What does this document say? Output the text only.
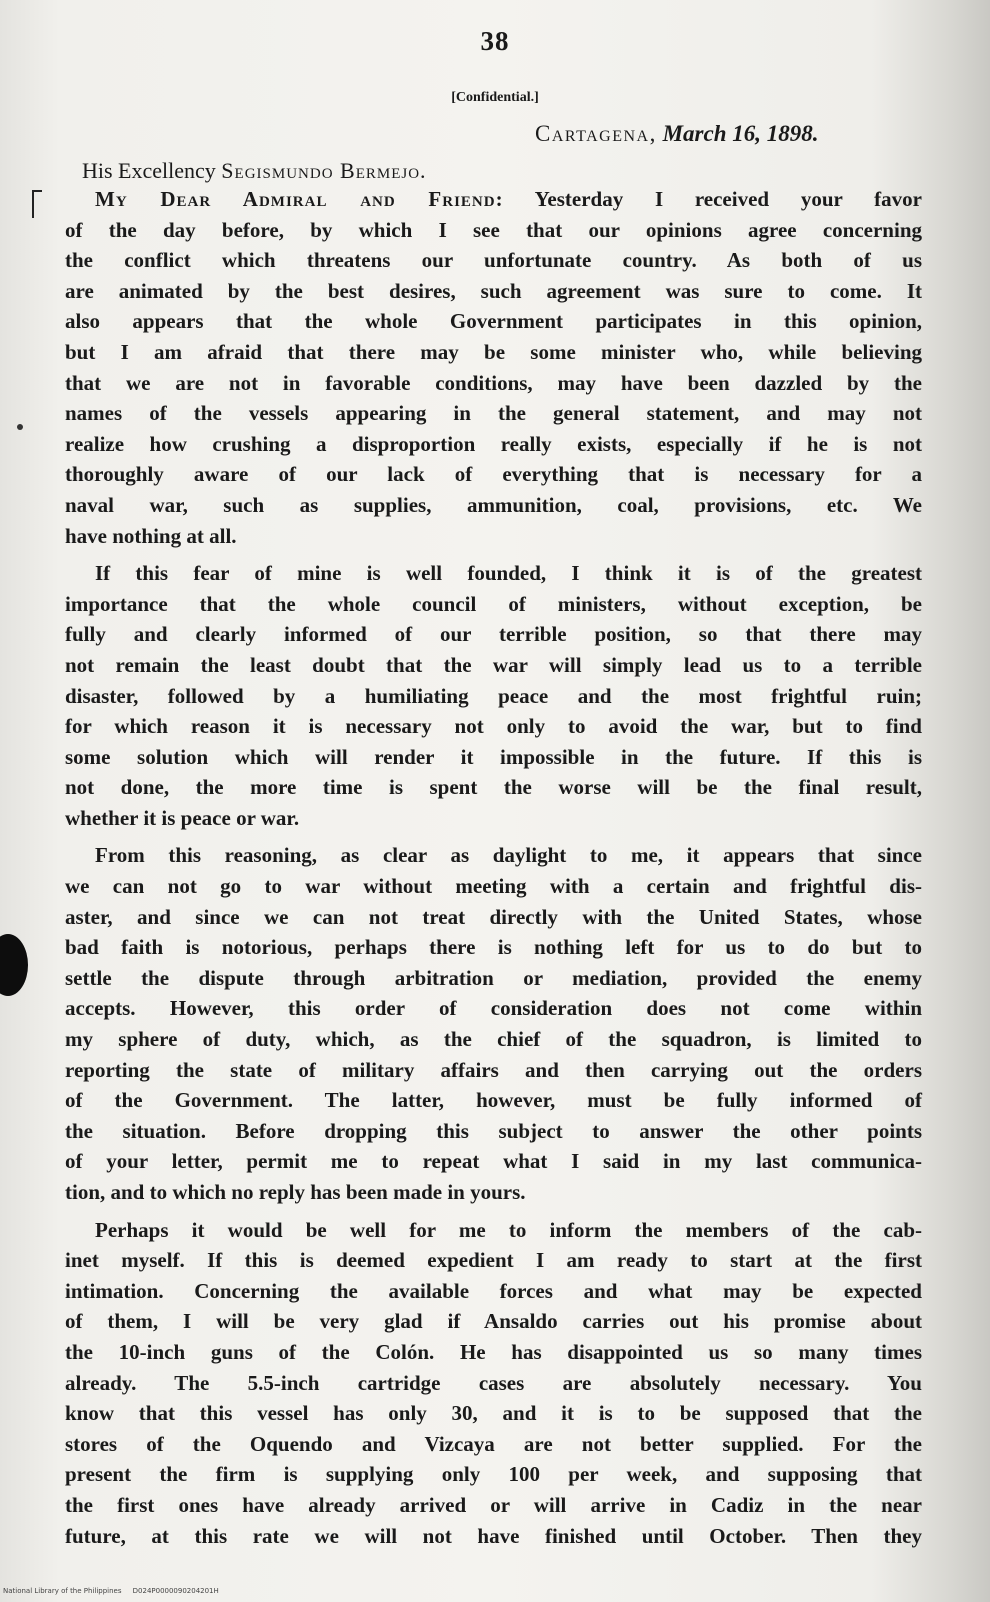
38
[Confidential.]
Cartagena, March 16, 1898.
His Excellency Segismundo Bermejo.

My Dear Admiral and Friend: Yesterday I received your favor
of the day before, by which I see that our opinions agree concerning
the conflict which threatens our unfortunate country. As both of us
are animated by the best desires, such agreement was sure to come. It
also appears that the whole Government participates in this opinion,
but I am afraid that there may be some minister who, while believing
that we are not in favorable conditions, may have been dazzled by the
names of the vessels appearing in the general statement, and may not
realize how crushing a disproportion really exists, especially if he is not
thoroughly aware of our lack of everything that is necessary for a
naval war, such as supplies, ammunition, coal, provisions, etc. We
have nothing at all.

If this fear of mine is well founded, I think it is of the greatest
importance that the whole council of ministers, without exception, be
fully and clearly informed of our terrible position, so that there may
not remain the least doubt that the war will simply lead us to a terrible
disaster, followed by a humiliating peace and the most frightful ruin;
for which reason it is necessary not only to avoid the war, but to find
some solution which will render it impossible in the future. If this is
not done, the more time is spent the worse will be the final result,
whether it is peace or war.

From this reasoning, as clear as daylight to me, it appears that since
we can not go to war without meeting with a certain and frightful dis-
aster, and since we can not treat directly with the United States, whose
bad faith is notorious, perhaps there is nothing left for us to do but to
settle the dispute through arbitration or mediation, provided the enemy
accepts. However, this order of consideration does not come within
my sphere of duty, which, as the chief of the squadron, is limited to
reporting the state of military affairs and then carrying out the orders
of the Government. The latter, however, must be fully informed of
the situation. Before dropping this subject to answer the other points
of your letter, permit me to repeat what I said in my last communica-
tion, and to which no reply has been made in yours.

Perhaps it would be well for me to inform the members of the cab-
inet myself. If this is deemed expedient I am ready to start at the first
intimation. Concerning the available forces and what may be expected
of them, I will be very glad if Ansaldo carries out his promise about
the 10-inch guns of the Colón. He has disappointed us so many times
already. The 5.5-inch cartridge cases are absolutely necessary. You
know that this vessel has only 30, and it is to be supposed that the
stores of the Oquendo and Vizcaya are not better supplied. For the
present the firm is supplying only 100 per week, and supposing that
the first ones have already arrived or will arrive in Cadiz in the near
future, at this rate we will not have finished until October. Then they

National Library of the Philippines D024P0000090204201H
